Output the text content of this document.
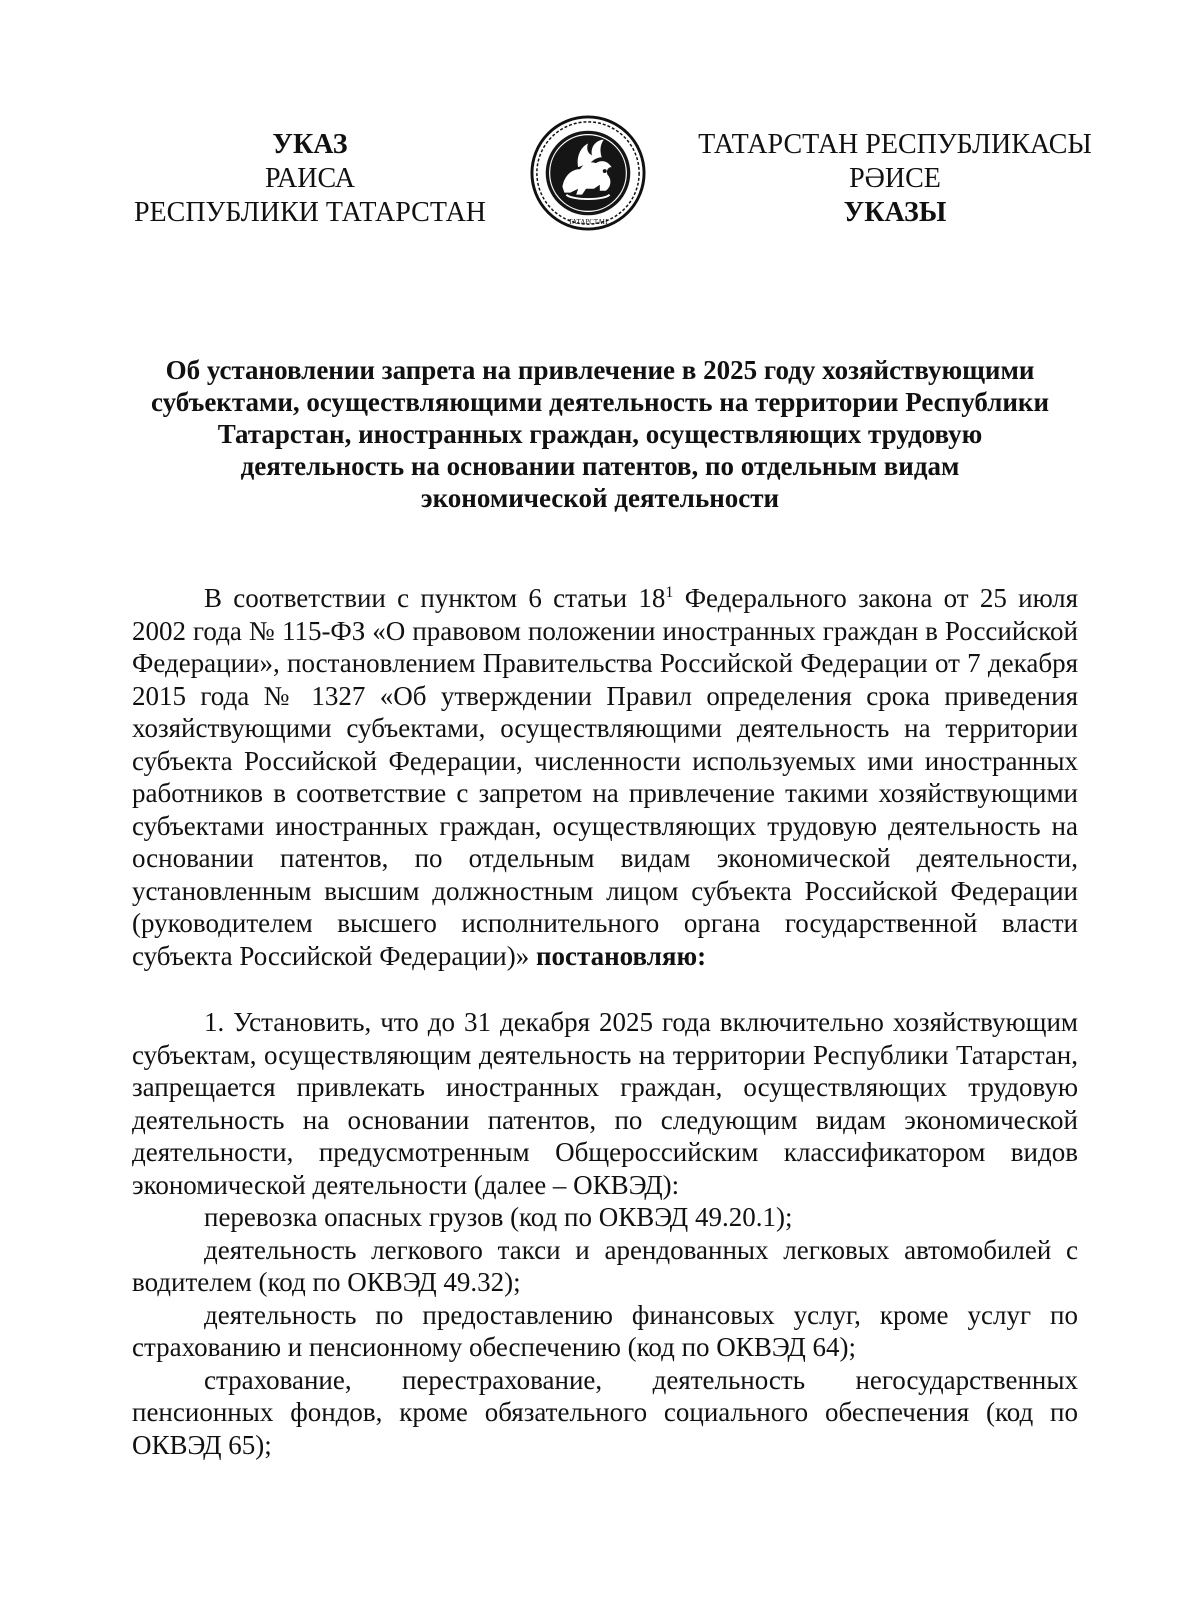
УКАЗ
РАИСА
РЕСПУБЛИКИ ТАТАРСТАН	ТАТАРСТАН
ТАТАРСТАН РЕСПУБЛИКАСЫ
РӘИСЕ
УКАЗЫ
Об установлении запрета на привлечение в 2025 году хозяйствующими
субъектами, осуществляющими деятельность на территории Республики
Татарстан, иностранных граждан, осуществляющих трудовую
деятельность на основании патентов, по отдельным видам
экономической деятельности

В соответствии с пунктом 6 статьи $18^1$ Федерального закона от 25 июля 2002 года № 115-ФЗ «О правовом положении иностранных граждан в Российской Федерации», постановлением Правительства Российской Федерации от 7 декабря 2015 года № 1327 «Об утверждении Правил определения срока приведения хозяйствующими субъектами, осуществляющими деятельность на территории субъекта Российской Федерации, численности используемых ими иностранных работников в соответствие с запретом на привлечение такими хозяйствующими субъектами иностранных граждан, осуществляющих трудовую деятельность на основании патентов, по отдельным видам экономической деятельности, установленным высшим должностным лицом субъекта Российской Федерации (руководителем высшего исполнительного органа государственной власти субъекта Российской Федерации)» постановляю:

1. Установить, что до 31 декабря 2025 года включительно хозяйствующим субъектам, осуществляющим деятельность на территории Республики Татарстан, запрещается привлекать иностранных граждан, осуществляющих трудовую деятельность на основании патентов, по следующим видам экономической деятельности, предусмотренным Общероссийским классификатором видов экономической деятельности (далее – ОКВЭД):

перевозка опасных грузов (код по ОКВЭД 49.20.1);

деятельность легкового такси и арендованных легковых автомобилей с водителем (код по ОКВЭД 49.32);

деятельность по предоставлению финансовых услуг, кроме услуг по страхованию и пенсионному обеспечению (код по ОКВЭД 64);

страхование, перестрахование, деятельность негосударственных пенсионных фондов, кроме обязательного социального обеспечения (код по ОКВЭД 65);
